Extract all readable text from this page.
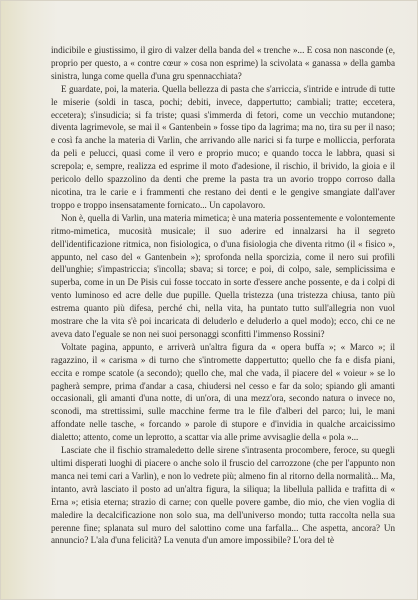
indicibile e giustissimo, il giro di valzer della banda del « trenche »... E cosa non nasconde (e, proprio per questo, a « contre cœur » cosa non esprime) la scivolata « ganassa » della gamba sinistra, lunga come quella d'una gru spennacchiata?

E guardate, poi, la materia. Quella bellezza di pasta che s'arriccia, s'intride e intrude di tutte le miserie (soldi in tasca, pochi; debiti, invece, dappertutto; cambiali; tratte; eccetera, eccetera); s'insudicia; si fa triste; quasi s'immerda di fetori, come un vecchio mutandone; diventa lagrimevole, se mai il « Gantenbein » fosse tipo da lagrima; ma no, tira su per il naso; e così fa anche la materia di Varlin, che arrivando alle narici si fa turpe e molliccia, perforata da peli e pelucci, quasi come il vero e proprio muco; e quando tocca le labbra, quasi si screpola; e, sempre, realizza ed esprime il moto d'adesione, il rischio, il brivido, la gioia e il pericolo dello spazzolino da denti che preme la pasta tra un avorio troppo corroso dalla nicotina, tra le carie e i frammenti che restano dei denti e le gengive smangiate dall'aver troppo e troppo insensatamente fornicato... Un capolavoro.

Non è, quella di Varlin, una materia mimetica; è una materia possentemente e volontemente ritmo-mimetica, mucosità musicale; il suo aderire ed innalzarsi ha il segreto dell'identificazione ritmica, non fisiologica, o d'una fisiologia che diventa ritmo (il « fisico », appunto, nel caso del « Gantenbein »); sprofonda nella sporcizia, come il nero sui profili dell'unghie; s'impastriccia; s'incolla; sbava; si torce; e poi, di colpo, sale, semplicissima e superba, come in un De Pisis cui fosse toccato in sorte d'essere anche possente, e da i colpi di vento luminoso ed acre delle due pupille. Quella tristezza (una tristezza chiusa, tanto più estrema quanto più difesa, perché chi, nella vita, ha puntato tutto sull'allegria non vuol mostrare che la vita s'è poi incaricata di deluderlo e deluderlo a quel modo); ecco, chi ce ne aveva dato l'eguale se non nei suoi personaggi sconfitti l'immenso Rossini?

Voltate pagina, appunto, e arriverà un'altra figura da « opera buffa »; « Marco »; il ragazzino, il « carisma » di turno che s'intromette dappertutto; quello che fa e disfa piani, eccita e rompe scatole (a secondo); quello che, mal che vada, il piacere del « voieur » se lo pagherà sempre, prima d'andar a casa, chiudersi nel cesso e far da solo; spiando gli amanti occasionali, gli amanti d'una notte, di un'ora, di una mezz'ora, secondo natura o invece no, sconodi, ma strettissimi, sulle macchine ferme tra le file d'alberi del parco; lui, le mani affondate nelle tasche, « forcando » parole di stupore e d'invidia in qualche arcaicissimo dialetto; attento, come un leprotto, a scattar via alle prime avvisaglie della « pola »...

Lasciate che il fischio stramaledetto delle sirene s'intrasenta procombere, feroce, su quegli ultimi disperati luoghi di piacere o anche solo il fruscio del carrozzone (che per l'appunto non manca nei temi cari a Varlin), e non lo vedrete più; almeno fin al ritorno della normalità... Ma, intanto, avrà lasciato il posto ad un'altra figura, la siliqua; la libellula pallida e trafitta di « Erna »; etisia eterna; strazio di carne; con quelle povere gambe, dio mio, che vien voglia di maledire la decalcificazione non solo sua, ma dell'universo mondo; tutta raccolta nella sua perenne fine; splanata sul muro del salottino come una farfalla... Che aspetta, ancora? Un annuncio? L'ala d'una felicità? La venuta d'un amore impossibile? L'ora del tè
